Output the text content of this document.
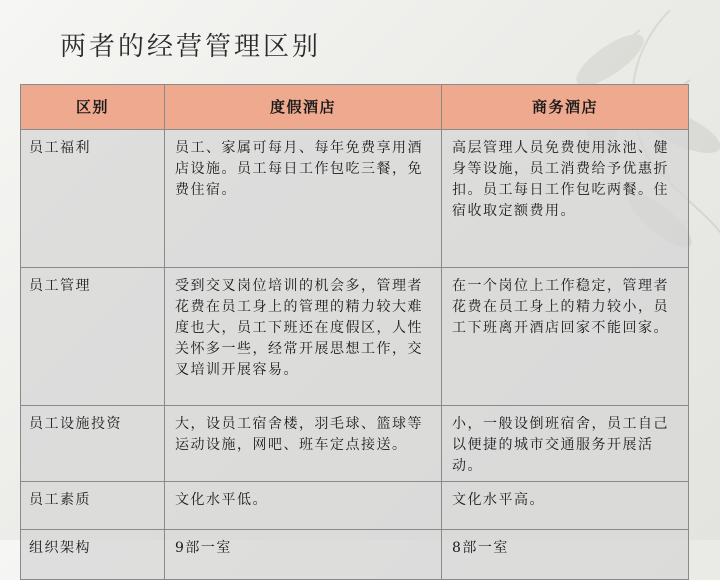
两者的经营管理区别
区别	度假酒店	商务酒店
员工福利	员工、家属可每月、每年免费享用酒店设施。员工每日工作包吃三餐，免费住宿。	高层管理人员免费使用泳池、健身等设施，员工消费给予优惠折扣。员工每日工作包吃两餐。住宿收取定额费用。
员工管理	受到交叉岗位培训的机会多，管理者花费在员工身上的管理的精力较大难度也大，员工下班还在度假区，人性关怀多一些，经常开展思想工作，交叉培训开展容易。	在一个岗位上工作稳定，管理者花费在员工身上的精力较小，员工下班离开酒店回家不能回家。
员工设施投资	大，设员工宿舍楼，羽毛球、篮球等运动设施，网吧、班车定点接送。	小，一般设倒班宿舍，员工自己以便捷的城市交通服务开展活动。
员工素质	文化水平低。	文化水平高。
组织架构	9部一室	8部一室
